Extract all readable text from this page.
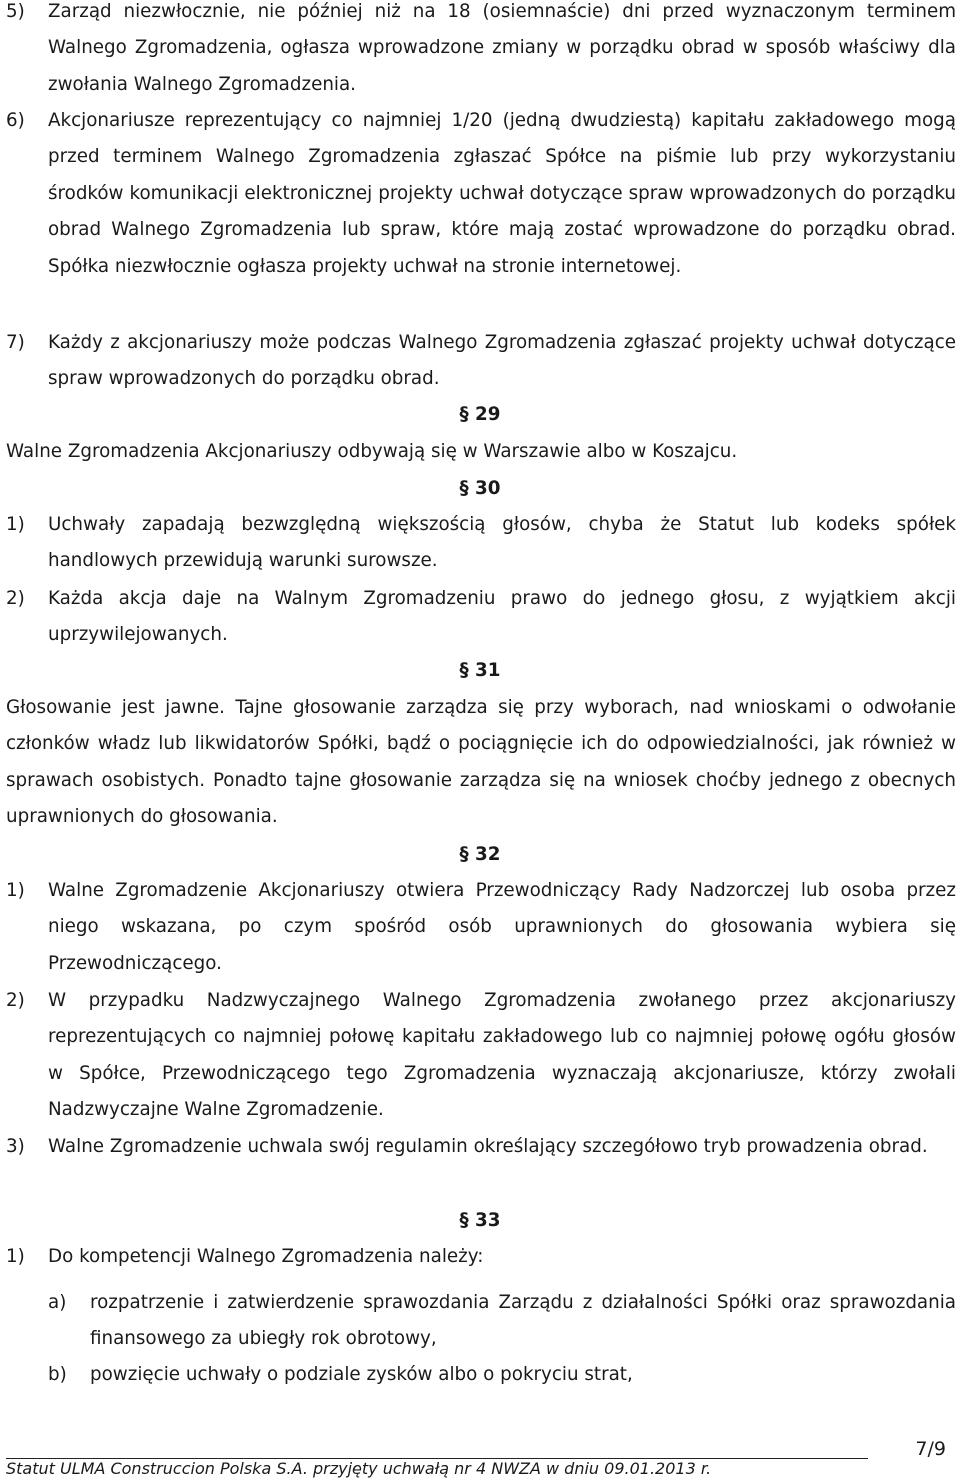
5) Zarząd niezwłocznie, nie później niż na 18 (osiemnaście) dni przed wyznaczonym terminem Walnego Zgromadzenia, ogłasza wprowadzone zmiany w porządku obrad w sposób właściwy dla zwołania Walnego Zgromadzenia.
6) Akcjonariusze reprezentujący co najmniej 1/20 (jedną dwudziestą) kapitału zakładowego mogą przed terminem Walnego Zgromadzenia zgłaszać Spółce na piśmie lub przy wykorzystaniu środków komunikacji elektronicznej projekty uchwał dotyczące spraw wprowadzonych do porządku obrad Walnego Zgromadzenia lub spraw, które mają zostać wprowadzone do porządku obrad. Spółka niezwłocznie ogłasza projekty uchwał na stronie internetowej.
7) Każdy z akcjonariuszy może podczas Walnego Zgromadzenia zgłaszać projekty uchwał dotyczące spraw wprowadzonych do porządku obrad.
§ 29
Walne Zgromadzenia Akcjonariuszy odbywają się w Warszawie albo w Koszajcu.
§ 30
1) Uchwały zapadają bezwzględną większością głosów, chyba że Statut lub kodeks spółek handlowych przewidują warunki surowsze.
2) Każda akcja daje na Walnym Zgromadzeniu prawo do jednego głosu, z wyjątkiem akcji uprzywilejowanych.
§ 31
Głosowanie jest jawne. Tajne głosowanie zarządza się przy wyborach, nad wnioskami o odwołanie członków władz lub likwidatorów Spółki, bądź o pociągnięcie ich do odpowiedzialności, jak również w sprawach osobistych. Ponadto tajne głosowanie zarządza się na wniosek choćby jednego z obecnych uprawnionych do głosowania.
§ 32
1) Walne Zgromadzenie Akcjonariuszy otwiera Przewodniczący Rady Nadzorczej lub osoba przez niego wskazana, po czym spośród osób uprawnionych do głosowania wybiera się Przewodniczącego.
2) W przypadku Nadzwyczajnego Walnego Zgromadzenia zwołanego przez akcjonariuszy reprezentujących co najmniej połowę kapitału zakładowego lub co najmniej połowę ogółu głosów w Spółce, Przewodniczącego tego Zgromadzenia wyznaczają akcjonariusze, którzy zwołali Nadzwyczajne Walne Zgromadzenie.
3) Walne Zgromadzenie uchwala swój regulamin określający szczegółowo tryb prowadzenia obrad.
§ 33
1) Do kompetencji Walnego Zgromadzenia należy:
a) rozpatrzenie i zatwierdzenie sprawozdania Zarządu z działalności Spółki oraz sprawozdania finansowego za ubiegły rok obrotowy,
b) powzięcie uchwały o podziale zysków albo o pokryciu strat,
7/9
Statut ULMA Construccion Polska S.A. przyjęty uchwałą nr 4 NWZA w dniu 09.01.2013 r.
